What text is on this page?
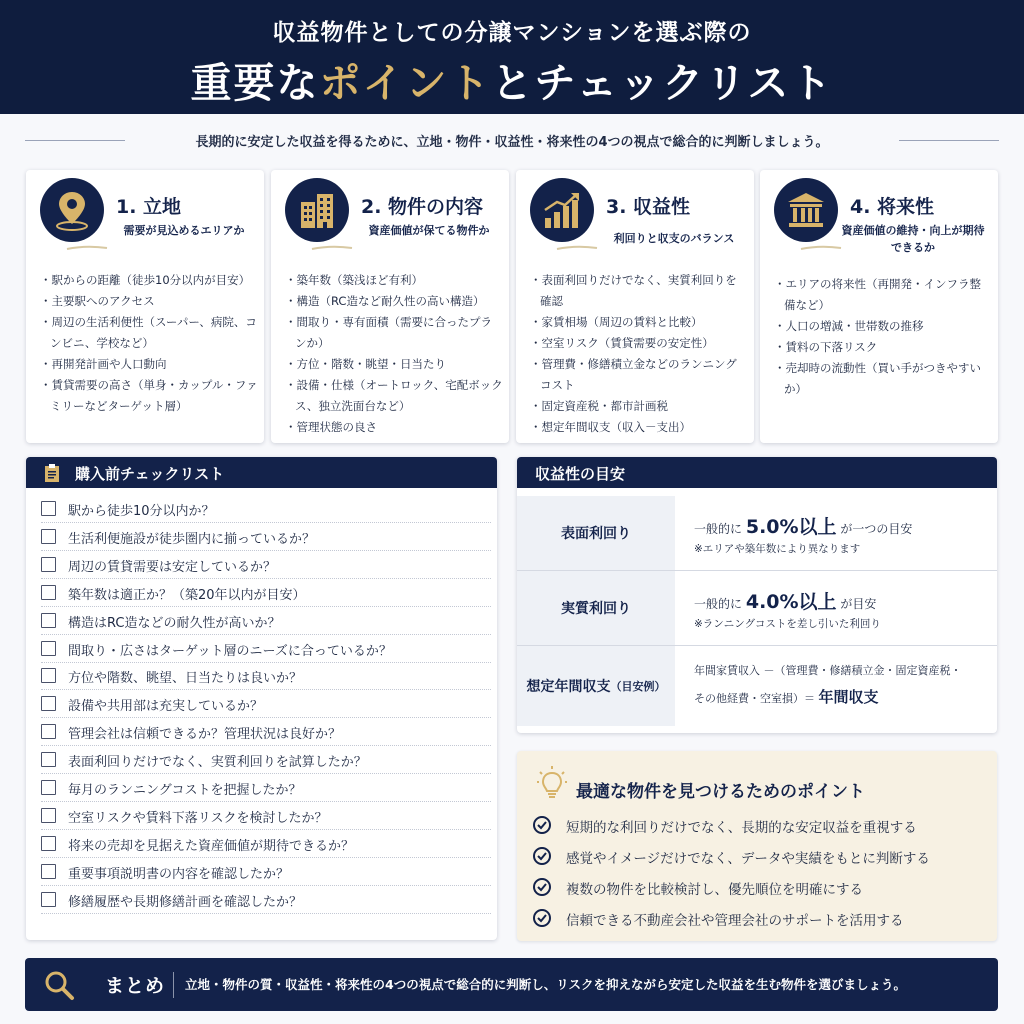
収益物件としての分譲マンションを選ぶ際の
重要なポイントとチェックリスト
長期的に安定した収益を得るために、立地・物件・収益性・将来性の4つの視点で総合的に判断しましょう。
1. 立地
需要が見込めるエリアか
・駅からの距離（徒歩10分以内が目安）
・主要駅へのアクセス
・周辺の生活利便性（スーパー、病院、コンビニ、学校など）
・再開発計画や人口動向
・賃貸需要の高さ（単身・カップル・ファミリーなどターゲット層）
2. 物件の内容
資産価値が保てる物件か
・築年数（築浅ほど有利）
・構造（RC造など耐久性の高い構造）
・間取り・専有面積（需要に合ったプランか）
・方位・階数・眺望・日当たり
・設備・仕様（オートロック、宅配ボックス、独立洗面台など）
・管理状態の良さ
3. 収益性
利回りと収支のバランス
・表面利回りだけでなく、実質利回りを確認
・家賃相場（周辺の賃料と比較）
・空室リスク（賃貸需要の安定性）
・管理費・修繕積立金などのランニングコスト
・固定資産税・都市計画税
・想定年間収支（収入－支出）
4. 将来性
資産価値の維持・向上が期待できるか
・エリアの将来性（再開発・インフラ整備など）
・人口の増減・世帯数の推移
・賃料の下落リスク
・売却時の流動性（買い手がつきやすいか）
購入前チェックリスト
駅から徒歩10分以内か？
生活利便施設が徒歩圏内に揃っているか？
周辺の賃貸需要は安定しているか？
築年数は適正か？（築20年以内が目安）
構造はRC造などの耐久性が高いか？
間取り・広さはターゲット層のニーズに合っているか？
方位や階数、眺望、日当たりは良いか？
設備や共用部は充実しているか？
管理会社は信頼できるか？管理状況は良好か？
表面利回りだけでなく、実質利回りを試算したか？
毎月のランニングコストを把握したか？
空室リスクや賃料下落リスクを検討したか？
将来の売却を見据えた資産価値が期待できるか？
重要事項説明書の内容を確認したか？
修繕履歴や長期修繕計画を確認したか？
収益性の目安
表面利回り	一般的に 5.0%以上 が一つの目安
※エリアや築年数により異なります
実質利回り	一般的に 4.0%以上 が目安
※ランニングコストを差し引いた利回り
想定年間収支 （目安例）
年間家賃収入 －（管理費・修繕積立金・固定資産税・
その他経費・空室損）＝ 年間収支
最適な物件を見つけるためのポイント
短期的な利回りだけでなく、長期的な安定収益を重視する
感覚やイメージだけでなく、データや実績をもとに判断する
複数の物件を比較検討し、優先順位を明確にする
信頼できる不動産会社や管理会社のサポートを活用する
まとめ 立地・物件の質・収益性・将来性の4つの視点で総合的に判断し、リスクを抑えながら安定した収益を生む物件を選びましょう。
